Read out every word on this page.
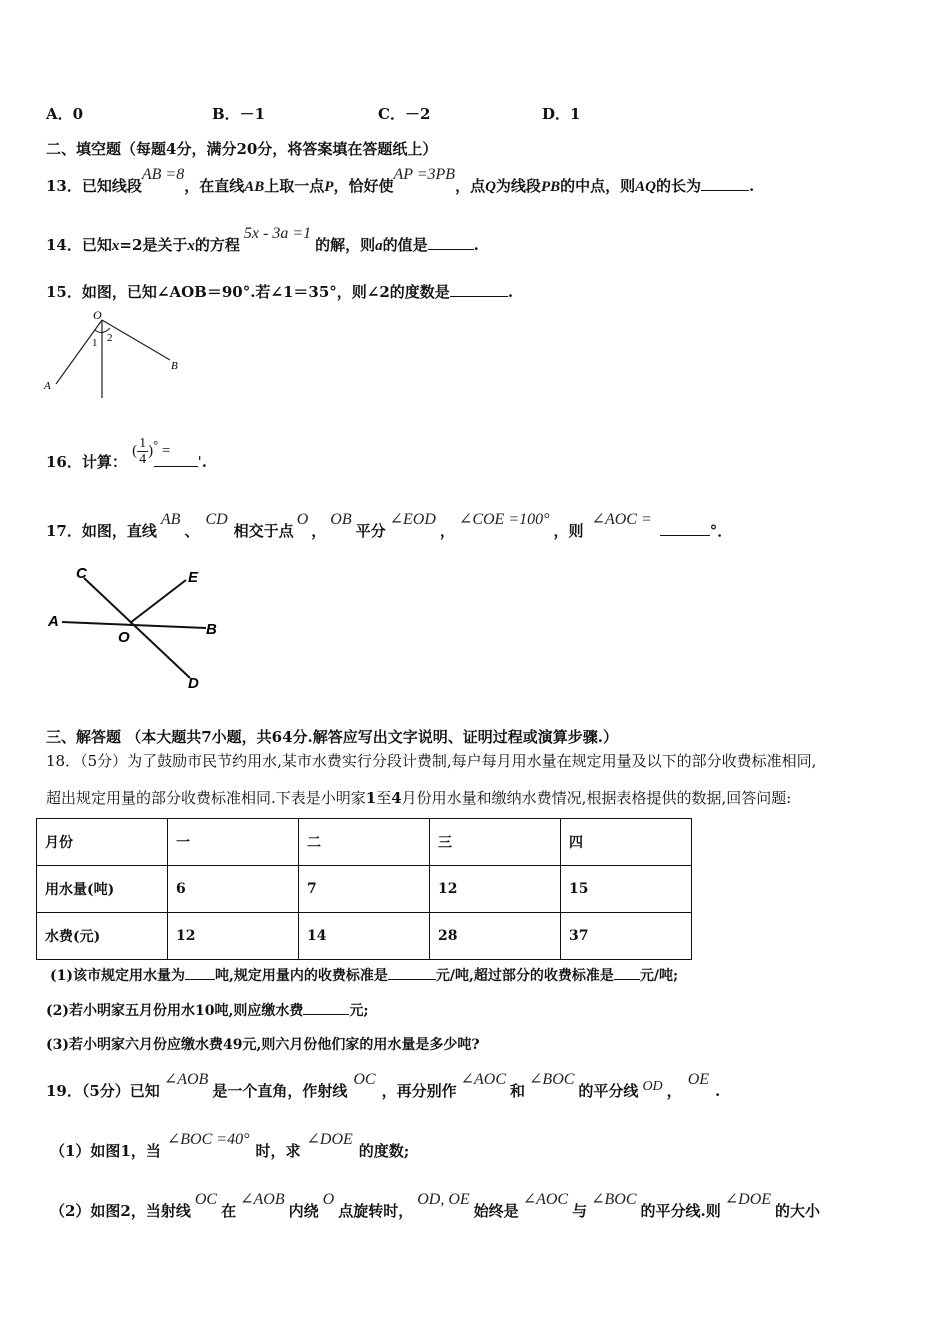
A．0	B．－1	C．－2	D．1
二、填空题（每题4分，满分20分，将答案填在答题纸上）
13．已知线段AB =8，在直线AB上取一点P，恰好使AP =3PB，点Q为线段PB的中点，则AQ的长为	.
14．已知x=2是关于x的方程5x - 3a =1的解，则a的值是	.
15．如图，已知∠AOB＝90°.若∠1＝35°，则∠2的度数是	.
O
A
B
1 2
16．计算： ( $\frac{1}{4} )^\circ$ = '.
17．如图，直线AB、CD相交于点O，OB平分∠EOD，∠COE =100°，则∠AOC =°．
C	E
A
O	B
D
三、解答题 （本大题共7小题，共64分.解答应写出文字说明、证明过程或演算步骤.）
18．（5分）为了鼓励市民节约用水,某市水费实行分段计费制,每户每月用水量在规定用量及以下的部分收费标准相同,
超出规定用量的部分收费标准相同.下表是小明家1至4月份用水量和缴纳水费情况,根据表格提供的数据,回答问题:
月份	一	二	三	四
用水量(吨)	6	7	12	15
水费(元)	12	14	28	37
(1)该市规定用水量为 吨,规定用量内的收费标准是	元/吨,超过部分的收费标准是 元/吨;
(2)若小明家五月份用水10吨,则应缴水费	元;
(3)若小明家六月份应缴水费49元,则六月份他们家的用水量是多少吨?
19．（5分）已知∠AOB是一个直角，作射线OC，再分别作∠AOC和∠BOC的平分线 OD ，OE.
（1）如图1，当∠BOC =40°时，求∠DOE的度数;
（2）如图2，当射线OC在∠AOB内绕O点旋转时，OD, OE始终是∠AOC与∠BOC的平分线.则∠DOE的大小
